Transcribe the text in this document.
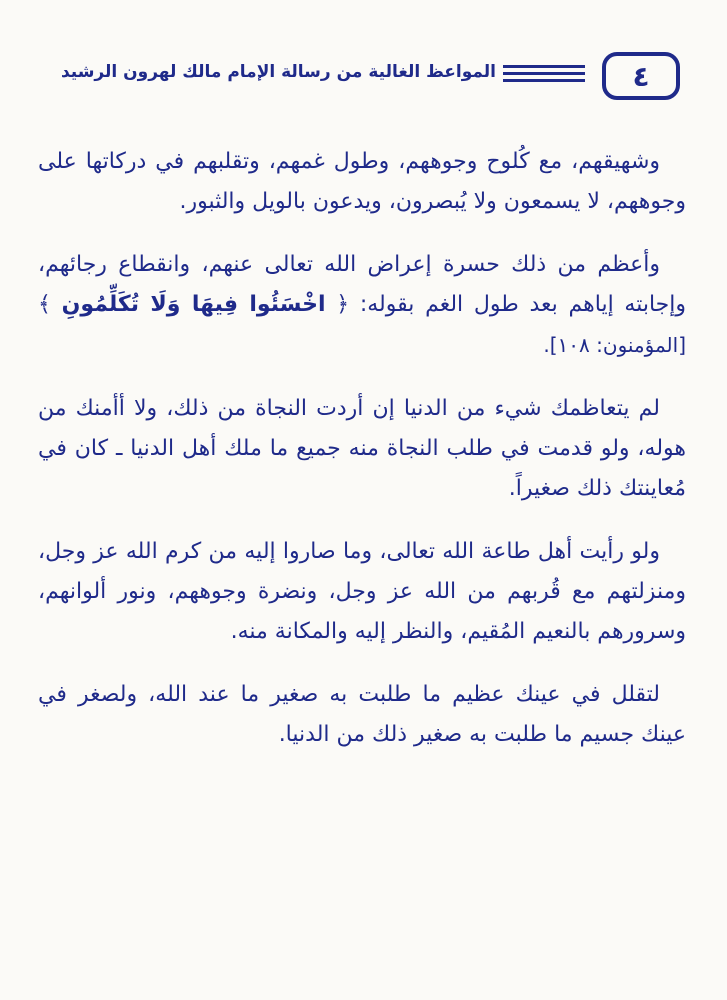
٤
المواعظ الغالية من رسالة الإمام مالك لهرون الرشيد

وشهيقهم، مع كُلوح وجوههم، وطول غمهم، وتقلبهم في دركاتها على وجوههم، لا يسمعون ولا يُبصرون، ويدعون بالويل والثبور.

وأعظم من ذلك حسرة إعراض الله تعالى عنهم، وانقطاع رجائهم، وإجابته إياهم بعد طول الغم بقوله: ﴿ اخْسَئُوا فِيهَا وَلَا تُكَلِّمُونِ ﴾ [المؤمنون: ١٠٨].

لم يتعاظمك شيء من الدنيا إن أردت النجاة من ذلك، ولا أأمنك من هوله، ولو قدمت في طلب النجاة منه جميع ما ملك أهل الدنيا ـ كان في مُعاينتك ذلك صغيراً.

ولو رأيت أهل طاعة الله تعالى، وما صاروا إليه من كرم الله عز وجل، ومنزلتهم مع قُربهم من الله عز وجل، ونضرة وجوههم، ونور ألوانهم، وسرورهم بالنعيم المُقيم، والنظر إليه والمكانة منه.

لتقلل في عينك عظيم ما طلبت به صغير ما عند الله، ولصغر في عينك جسيم ما طلبت به صغير ذلك من الدنيا.
